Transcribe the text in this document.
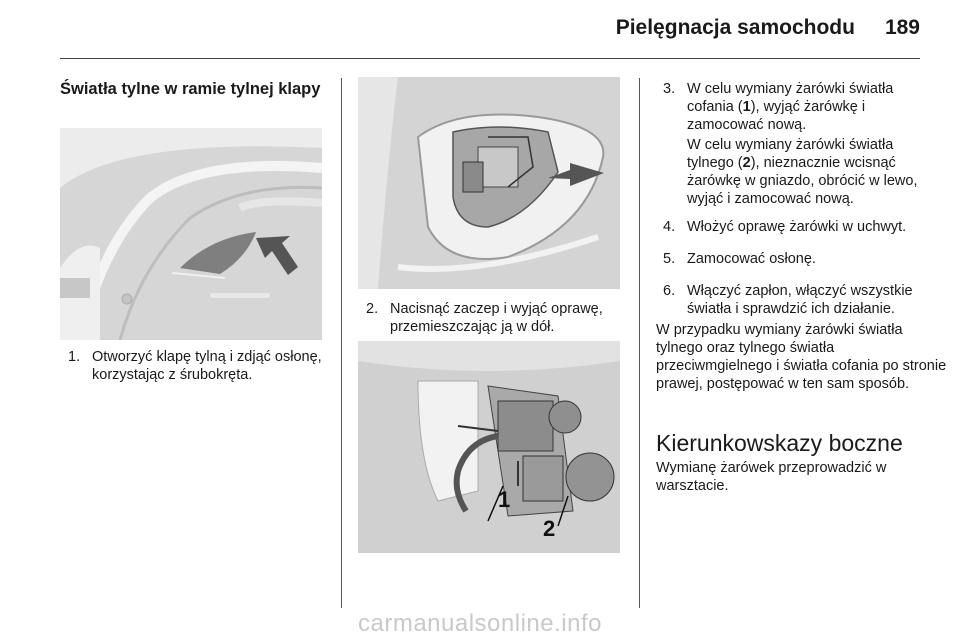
Pielęgnacja samochodu 189
Światła tylne w ramie tylnej klapy
1. Otworzyć klapę tylną i zdjąć osłonę, korzystając z śrubokręta.
2. Nacisnąć zaczep i wyjąć oprawę, przemieszczając ją w dół.
1
2
3. W celu wymiany żarówki światła cofania (1), wyjąć żarówkę i zamocować nową.
W celu wymiany żarówki światła tylnego (2), nieznacznie wcisnąć żarówkę w gniazdo, obrócić w lewo, wyjąć i zamocować nową.
4. Włożyć oprawę żarówki w uchwyt.
5. Zamocować osłonę.
6. Włączyć zapłon, włączyć wszystkie światła i sprawdzić ich działanie.
W przypadku wymiany żarówki światła tylnego oraz tylnego światła przeciwmgielnego i światła cofania po stronie prawej, postępować w ten sam sposób.
Kierunkowskazy boczne
Wymianę żarówek przeprowadzić w warsztacie.
carmanualsonline.info
